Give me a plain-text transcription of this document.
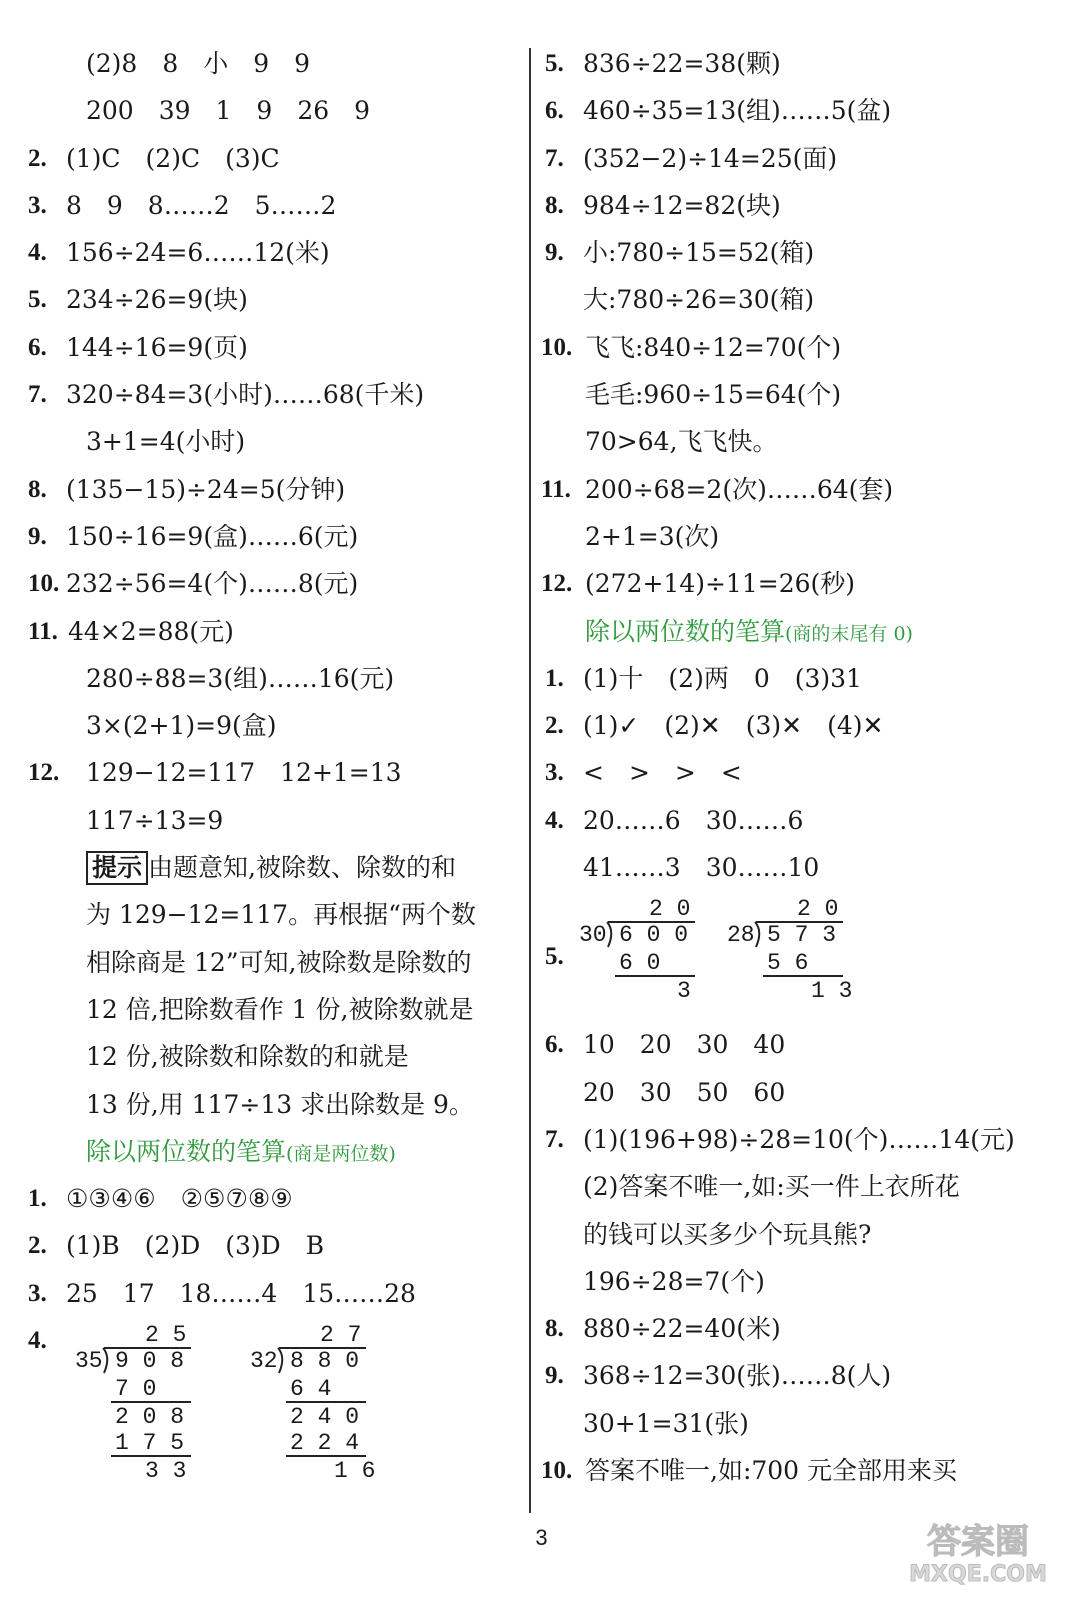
(2)8　8　小　9　9
200　39　1　9　26　9
2. (1)C　(2)C　(3)C
3. 8　9　8……2　5……2
4. 156÷24=6……12(米)
5. 234÷26=9(块)
6. 144÷16=9(页)
7. 320÷84=3(小时)……68(千米)
3+1=4(小时)
8. (135−15)÷24=5(分钟)
9. 150÷16=9(盒)……6(元)
10. 232÷56=4(个)……8(元)
11. 44×2=88(元)
280÷88=3(组)……16(元)
3×(2+1)=9(盒)
12. 129−12=117　12+1=13
117÷13=9
提示 由题意知,被除数、除数的和
为 129−12=117。再根据“两个数
相除商是 12”可知,被除数是除数的
12 倍,把除数看作 1 份,被除数就是
12 份,被除数和除数的和就是
13 份,用 117÷13 求出除数是 9。
除以两位数的笔算(商是两位数)
1. ①③④⑥　②⑤⑦⑧⑨
2. (1)B　(2)D　(3)D　B
3. 25　17　18……4　15……28
4.	2 5
35 9 0 8
7 0
2 0 8
1 7 5
3 3
2 7
32 8 8 0
6 4
2 4 0
2 2 4
1 6
5. 836÷22=38(颗)
6. 460÷35=13(组)……5(盆)
7. (352−2)÷14=25(面)
8. 984÷12=82(块)
9. 小:780÷15=52(箱)
大:780÷26=30(箱)
10. 飞飞:840÷12=70(个)
毛毛:960÷15=64(个)
70>64,飞飞快。
11. 200÷68=2(次)……64(套)
2+1=3(次)
12. (272+14)÷11=26(秒)
除以两位数的笔算(商的末尾有 0)
1. (1)十　(2)两　0　(3)31
2. (1)✓　(2)✕　(3)✕　(4)✕
3. <　>　>　<
4. 20……6　30……6
41……3　30……10
5.
2 0
30 6 0 0
6 0
3
2 0
28 5 7 3
5 6
1 3
6. 10　20　30　40
20　30　50　60
7. (1)(196+98)÷28=10(个)……14(元)
(2)答案不唯一,如:买一件上衣所花
的钱可以买多少个玩具熊?
196÷28=7(个)
8. 880÷22=40(米)
9. 368÷12=30(张)……8(人)
30+1=31(张)
10. 答案不唯一,如:700 元全部用来买
3	答案圈
MXQE.COM
